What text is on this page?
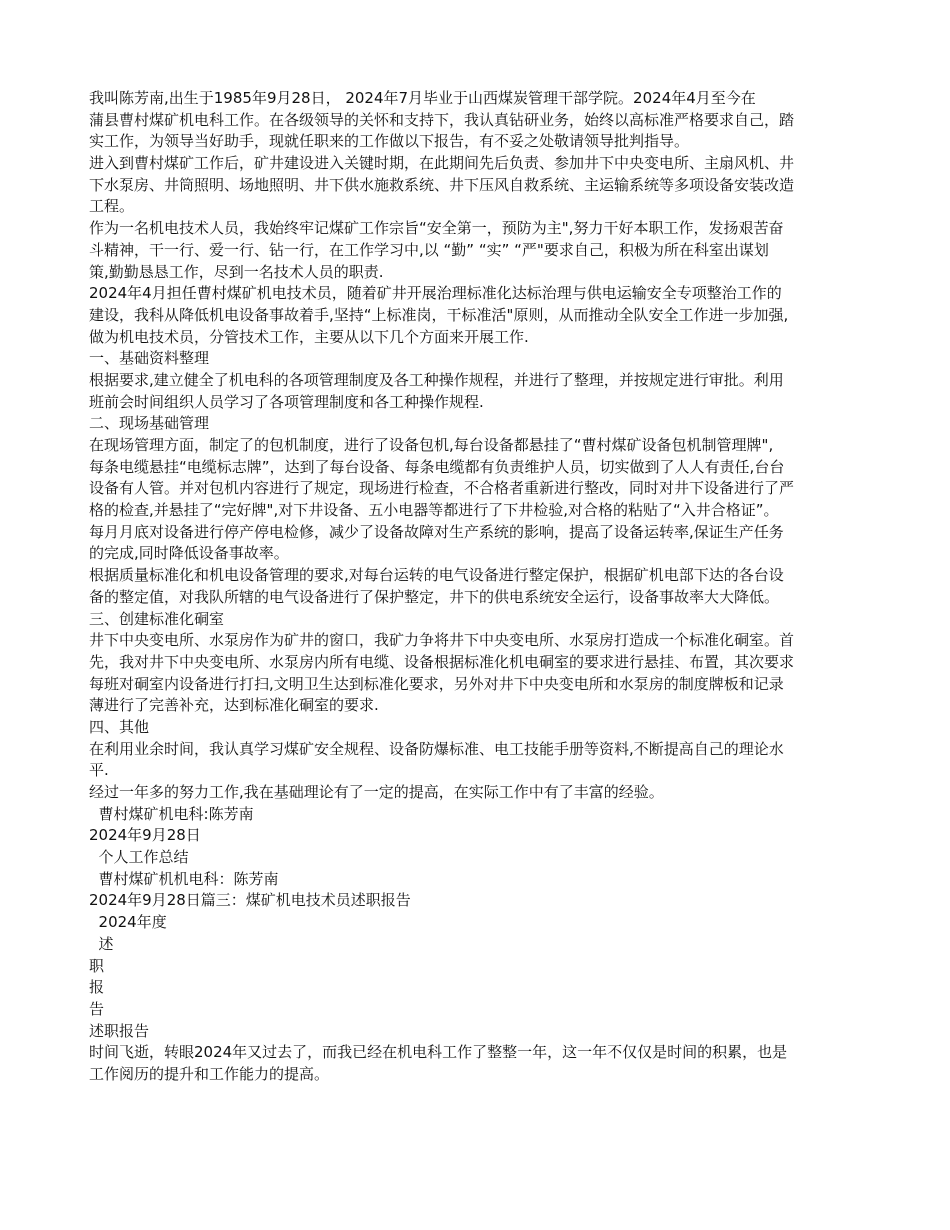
我叫陈芳南,出生于1985年9月28日， 2024年7月毕业于山西煤炭管理干部学院。2024年4月至今在
蒲县曹村煤矿机电科工作。在各级领导的关怀和支持下，我认真钻研业务，始终以高标准严格要求自己，踏
实工作，为领导当好助手，现就任职来的工作做以下报告，有不妥之处敬请领导批判指导。
进入到曹村煤矿工作后，矿井建设进入关键时期，在此期间先后负责、参加井下中央变电所、主扇风机、井
下水泵房、井筒照明、场地照明、井下供水施救系统、井下压风自救系统、主运输系统等多项设备安装改造
工程。
作为一名机电技术人员，我始终牢记煤矿工作宗旨“安全第一，预防为主",努力干好本职工作，发扬艰苦奋
斗精神，干一行、爱一行、钻一行，在工作学习中,以 “勤” “实” “严"要求自己，积极为所在科室出谋划
策,勤勤恳恳工作，尽到一名技术人员的职责.
2024年4月担任曹村煤矿机电技术员，随着矿井开展治理标准化达标治理与供电运输安全专项整治工作的
建设，我科从降低机电设备事故着手,坚持“上标准岗，干标准活"原则，从而推动全队安全工作进一步加强,
做为机电技术员，分管技术工作，主要从以下几个方面来开展工作.
一、基础资料整理
根据要求,建立健全了机电科的各项管理制度及各工种操作规程，并进行了整理，并按规定进行审批。利用
班前会时间组织人员学习了各项管理制度和各工种操作规程.
二、现场基础管理
在现场管理方面，制定了的包机制度，进行了设备包机,每台设备都悬挂了“曹村煤矿设备包机制管理牌",
每条电缆悬挂“电缆标志牌”，达到了每台设备、每条电缆都有负责维护人员，切实做到了人人有责任,台台
设备有人管。并对包机内容进行了规定，现场进行检查，不合格者重新进行整改，同时对井下设备进行了严
格的检查,并悬挂了“完好牌",对下井设备、五小电器等都进行了下井检验,对合格的粘贴了“入井合格证”。
每月月底对设备进行停产停电检修，减少了设备故障对生产系统的影响，提高了设备运转率,保证生产任务
的完成,同时降低设备事故率。
根据质量标准化和机电设备管理的要求,对每台运转的电气设备进行整定保护，根据矿机电部下达的各台设
备的整定值，对我队所辖的电气设备进行了保护整定，井下的供电系统安全运行，设备事故率大大降低。
三、创建标准化硐室
井下中央变电所、水泵房作为矿井的窗口，我矿力争将井下中央变电所、水泵房打造成一个标准化硐室。首
先，我对井下中央变电所、水泵房内所有电缆、设备根据标准化机电硐室的要求进行悬挂、布置，其次要求
每班对硐室内设备进行打扫,文明卫生达到标准化要求，另外对井下中央变电所和水泵房的制度牌板和记录
薄进行了完善补充，达到标准化硐室的要求.
四、其他
在利用业余时间，我认真学习煤矿安全规程、设备防爆标准、电工技能手册等资料,不断提高自己的理论水
平.
经过一年多的努力工作,我在基础理论有了一定的提高，在实际工作中有了丰富的经验。
曹村煤矿机电科:陈芳南
2024年9月28日
个人工作总结
曹村煤矿机机电科：陈芳南
2024年9月28日篇三：煤矿机电技术员述职报告
2024年度
述
职
报
告
述职报告
时间飞逝，转眼2024年又过去了，而我已经在机电科工作了整整一年，这一年不仅仅是时间的积累，也是
工作阅历的提升和工作能力的提高。
